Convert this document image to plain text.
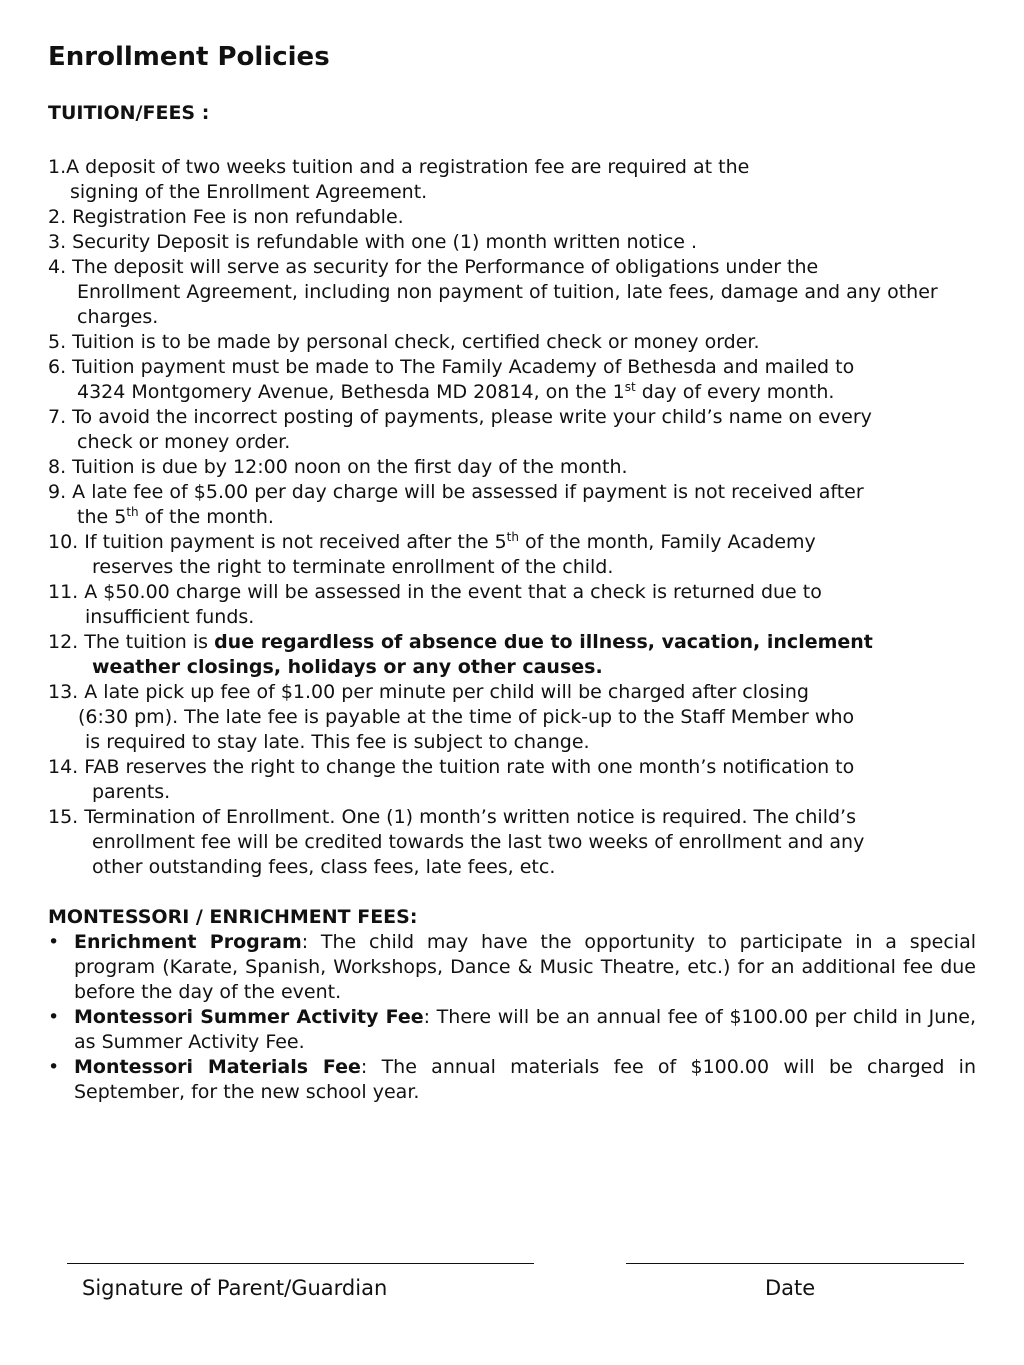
Enrollment Policies
TUITION/FEES :
1.A deposit of two weeks tuition and a registration fee are required at the
signing of the Enrollment Agreement.
2. Registration Fee is non refundable.
3. Security Deposit is refundable with one (1) month written notice .
4. The deposit will serve as security for the Performance of obligations under the
Enrollment Agreement, including non payment of tuition, late fees, damage and any other charges.
5. Tuition is to be made by personal check, certified check or money order.
6. Tuition payment must be made to The Family Academy of Bethesda and mailed to
4324 Montgomery Avenue, Bethesda MD 20814, on the 1st day of every month.
7. To avoid the incorrect posting of payments, please write your child’s name on every
check or money order.
8. Tuition is due by 12:00 noon on the first day of the month.
9. A late fee of $5.00 per day charge will be assessed if payment is not received after
the 5th of the month.
10. If tuition payment is not received after the 5th of the month, Family Academy
reserves the right to terminate enrollment of the child.
11. A $50.00 charge will be assessed in the event that a check is returned due to
insufficient funds.
12. The tuition is due regardless of absence due to illness, vacation, inclement
weather closings, holidays or any other causes.
13. A late pick up fee of $1.00 per minute per child will be charged after closing
(6:30 pm). The late fee is payable at the time of pick-up to the Staff Member who
is required to stay late. This fee is subject to change.
14. FAB reserves the right to change the tuition rate with one month’s notification to
parents.
15. Termination of Enrollment. One (1) month’s written notice is required. The child’s
enrollment fee will be credited towards the last two weeks of enrollment and any
other outstanding fees, class fees, late fees, etc.
MONTESSORI / ENRICHMENT FEES:
• Enrichment Program: The child may have the opportunity to participate in a special program (Karate, Spanish, Workshops, Dance & Music Theatre, etc.) for an additional fee due before the day of the event.
• Montessori Summer Activity Fee: There will be an annual fee of $100.00 per child in June, as Summer Activity Fee.
• Montessori Materials Fee: The annual materials fee of $100.00 will be charged in September, for the new school year.
Signature of Parent/Guardian	Date
